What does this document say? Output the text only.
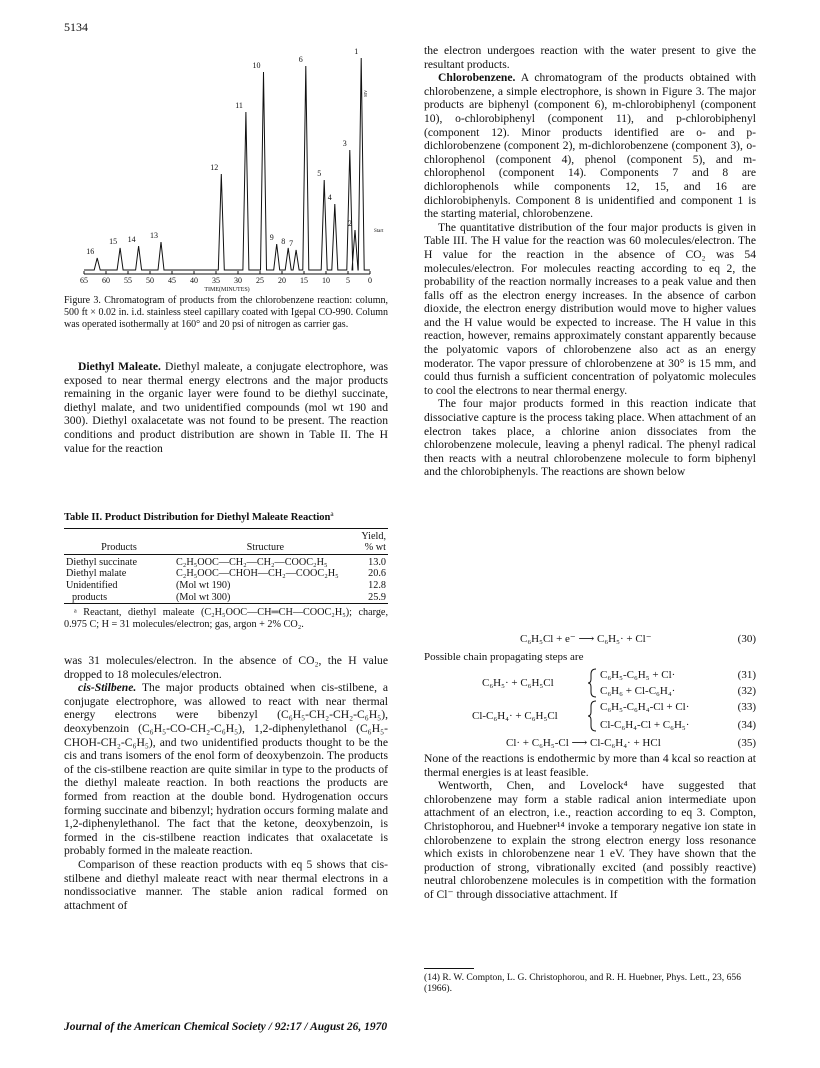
5134
1
2
3
4
5
6
7
8
9
10
11
12
13
14
15
16
Start
AIR
65 60 55 50 45 40 35 30 25 20 15 10 5 0
TIME(MINUTES)
Figure 3. Chromatogram of products from the chlorobenzene reaction: column, 500 ft × 0.02 in. i.d. stainless steel capillary coated with Igepal CO-990. Column was operated isothermally at 160° and 20 psi of nitrogen as carrier gas.

Diethyl Maleate. Diethyl maleate, a conjugate electrophore, was exposed to near thermal energy electrons and the major products remaining in the organic layer were found to be diethyl succinate, diethyl malate, and two unidentified compounds (mol wt 190 and 300). Diethyl oxalacetate was not found to be present. The reaction conditions and product distribution are shown in Table II. The H value for the reaction

Table II. Product Distribution for Diethyl Maleate Reaction$^a$

		Yield,
Products	Structure	% wt

Diethyl succinate	C₂H₅OOC—CH₂—CH₂—COOC₂H₅	13.0
Diethyl malate	C₂H₅OOC—CHOH—CH₂—COOC₂H₅	20.6
Unidentified	(Mol wt 190)	12.8
products	(Mol wt 300)	25.9

ᵃ Reactant, diethyl maleate (C₂H₅OOC—CH═CH—COOC₂H₅); charge, 0.975 C; H = 31 molecules/electron; gas, argon + 2% CO₂.

was 31 molecules/electron. In the absence of CO₂, the H value dropped to 18 molecules/electron.

cis-Stilbene. The major products obtained when cis-stilbene, a conjugate electrophore, was allowed to react with near thermal energy electrons were bibenzyl (C₆H₅-CH₂-CH₂-C₆H₅), deoxybenzoin (C₆H₅-CO-CH₂-C₆H₅), 1,2-diphenylethanol (C₆H₅-CHOH-CH₂-C₆H₅), and two unidentified products thought to be the cis and trans isomers of the enol form of deoxybenzoin. The products of the cis-stilbene reaction are quite similar in type to the products of the diethyl maleate reaction. In both reactions the products are formed from reaction at the double bond. Hydrogenation occurs forming succinate and bibenzyl; hydration occurs forming malate and 1,2-diphenylethanol. The fact that the ketone, deoxybenzoin, is formed in the cis-stilbene reaction indicates that oxalacetate is probably formed in the maleate reaction.

Comparison of these reaction products with eq 5 shows that cis-stilbene and diethyl maleate react with near thermal electrons in a nondissociative manner. The stable anion radical formed on attachment of

the electron undergoes reaction with the water present to give the resultant products.

Chlorobenzene. A chromatogram of the products obtained with chlorobenzene, a simple electrophore, is shown in Figure 3. The major products are biphenyl (component 6), m-chlorobiphenyl (component 10), o-chlorobiphenyl (component 11), and p-chlorobiphenyl (component 12). Minor products identified are o- and p-dichlorobenzene (component 2), m-dichlorobenzene (component 3), o-chlorophenol (component 4), phenol (component 5), and m-chlorophenol (component 14). Components 7 and 8 are dichlorophenols while components 12, 15, and 16 are dichlorobiphenyls. Component 8 is unidentified and component 1 is the starting material, chlorobenzene.

The quantitative distribution of the four major products is given in Table III. The H value for the reaction was 60 molecules/electron. The H value for the reaction in the absence of CO₂ was 54 molecules/electron. For molecules reacting according to eq 2, the probability of the reaction normally increases to a peak value and then falls off as the electron energy increases. In the absence of carbon dioxide, the electron energy distribution would move to higher values and the H value would be expected to increase. The H value in this reaction, however, remains approximately constant apparently because the polyatomic vapors of chlorobenzene also act as an energy moderator. The vapor pressure of chlorobenzene at 30° is 15 mm, and could thus furnish a sufficient concentration of polyatomic molecules to cool the electrons to near thermal energy.

The four major products formed in this reaction indicate that dissociative capture is the process taking place. When attachment of an electron takes place, a chlorine anion dissociates from the chlorobenzene molecule, leaving a phenyl radical. The phenyl radical then reacts with a neutral chlorobenzene molecule to form biphenyl and the chlorobiphenyls. The reactions are shown below

C₆H₅Cl + e⁻ ⟶ C₆H₅· + Cl⁻	(30)
Possible chain propagating steps are
C₆H₅· + C₆H₅Cl
C₆H₅-C₆H₅ + Cl·	(31)
C₆H₆ + Cl-C₆H₄·	(32)
Cl-C₆H₄· + C₆H₅Cl
C₆H₅-C₆H₄-Cl + Cl·	(33)
Cl-C₆H₄-Cl + C₆H₅·	(34)
Cl· + C₆H₅-Cl ⟶ Cl-C₆H₄· + HCl	(35)

None of the reactions is endothermic by more than 4 kcal so reaction at thermal energies is at least feasible.

Wentworth, Chen, and Lovelock⁴ have suggested that chlorobenzene may form a stable radical anion intermediate upon attachment of an electron, i.e., reaction according to eq 3. Compton, Christophorou, and Huebner¹⁴ invoke a temporary negative ion state in chlorobenzene to explain the strong electron energy loss resonance which exists in chlorobenzene near 1 eV. They have shown that the production of strong, vibrationally excited (and possibly reactive) neutral chlorobenzene molecules is in competition with the formation of Cl⁻ through dissociative attachment. If

(14) R. W. Compton, L. G. Christophorou, and R. H. Huebner, Phys. Lett., 23, 656 (1966).
Journal of the American Chemical Society / 92:17 / August 26, 1970
